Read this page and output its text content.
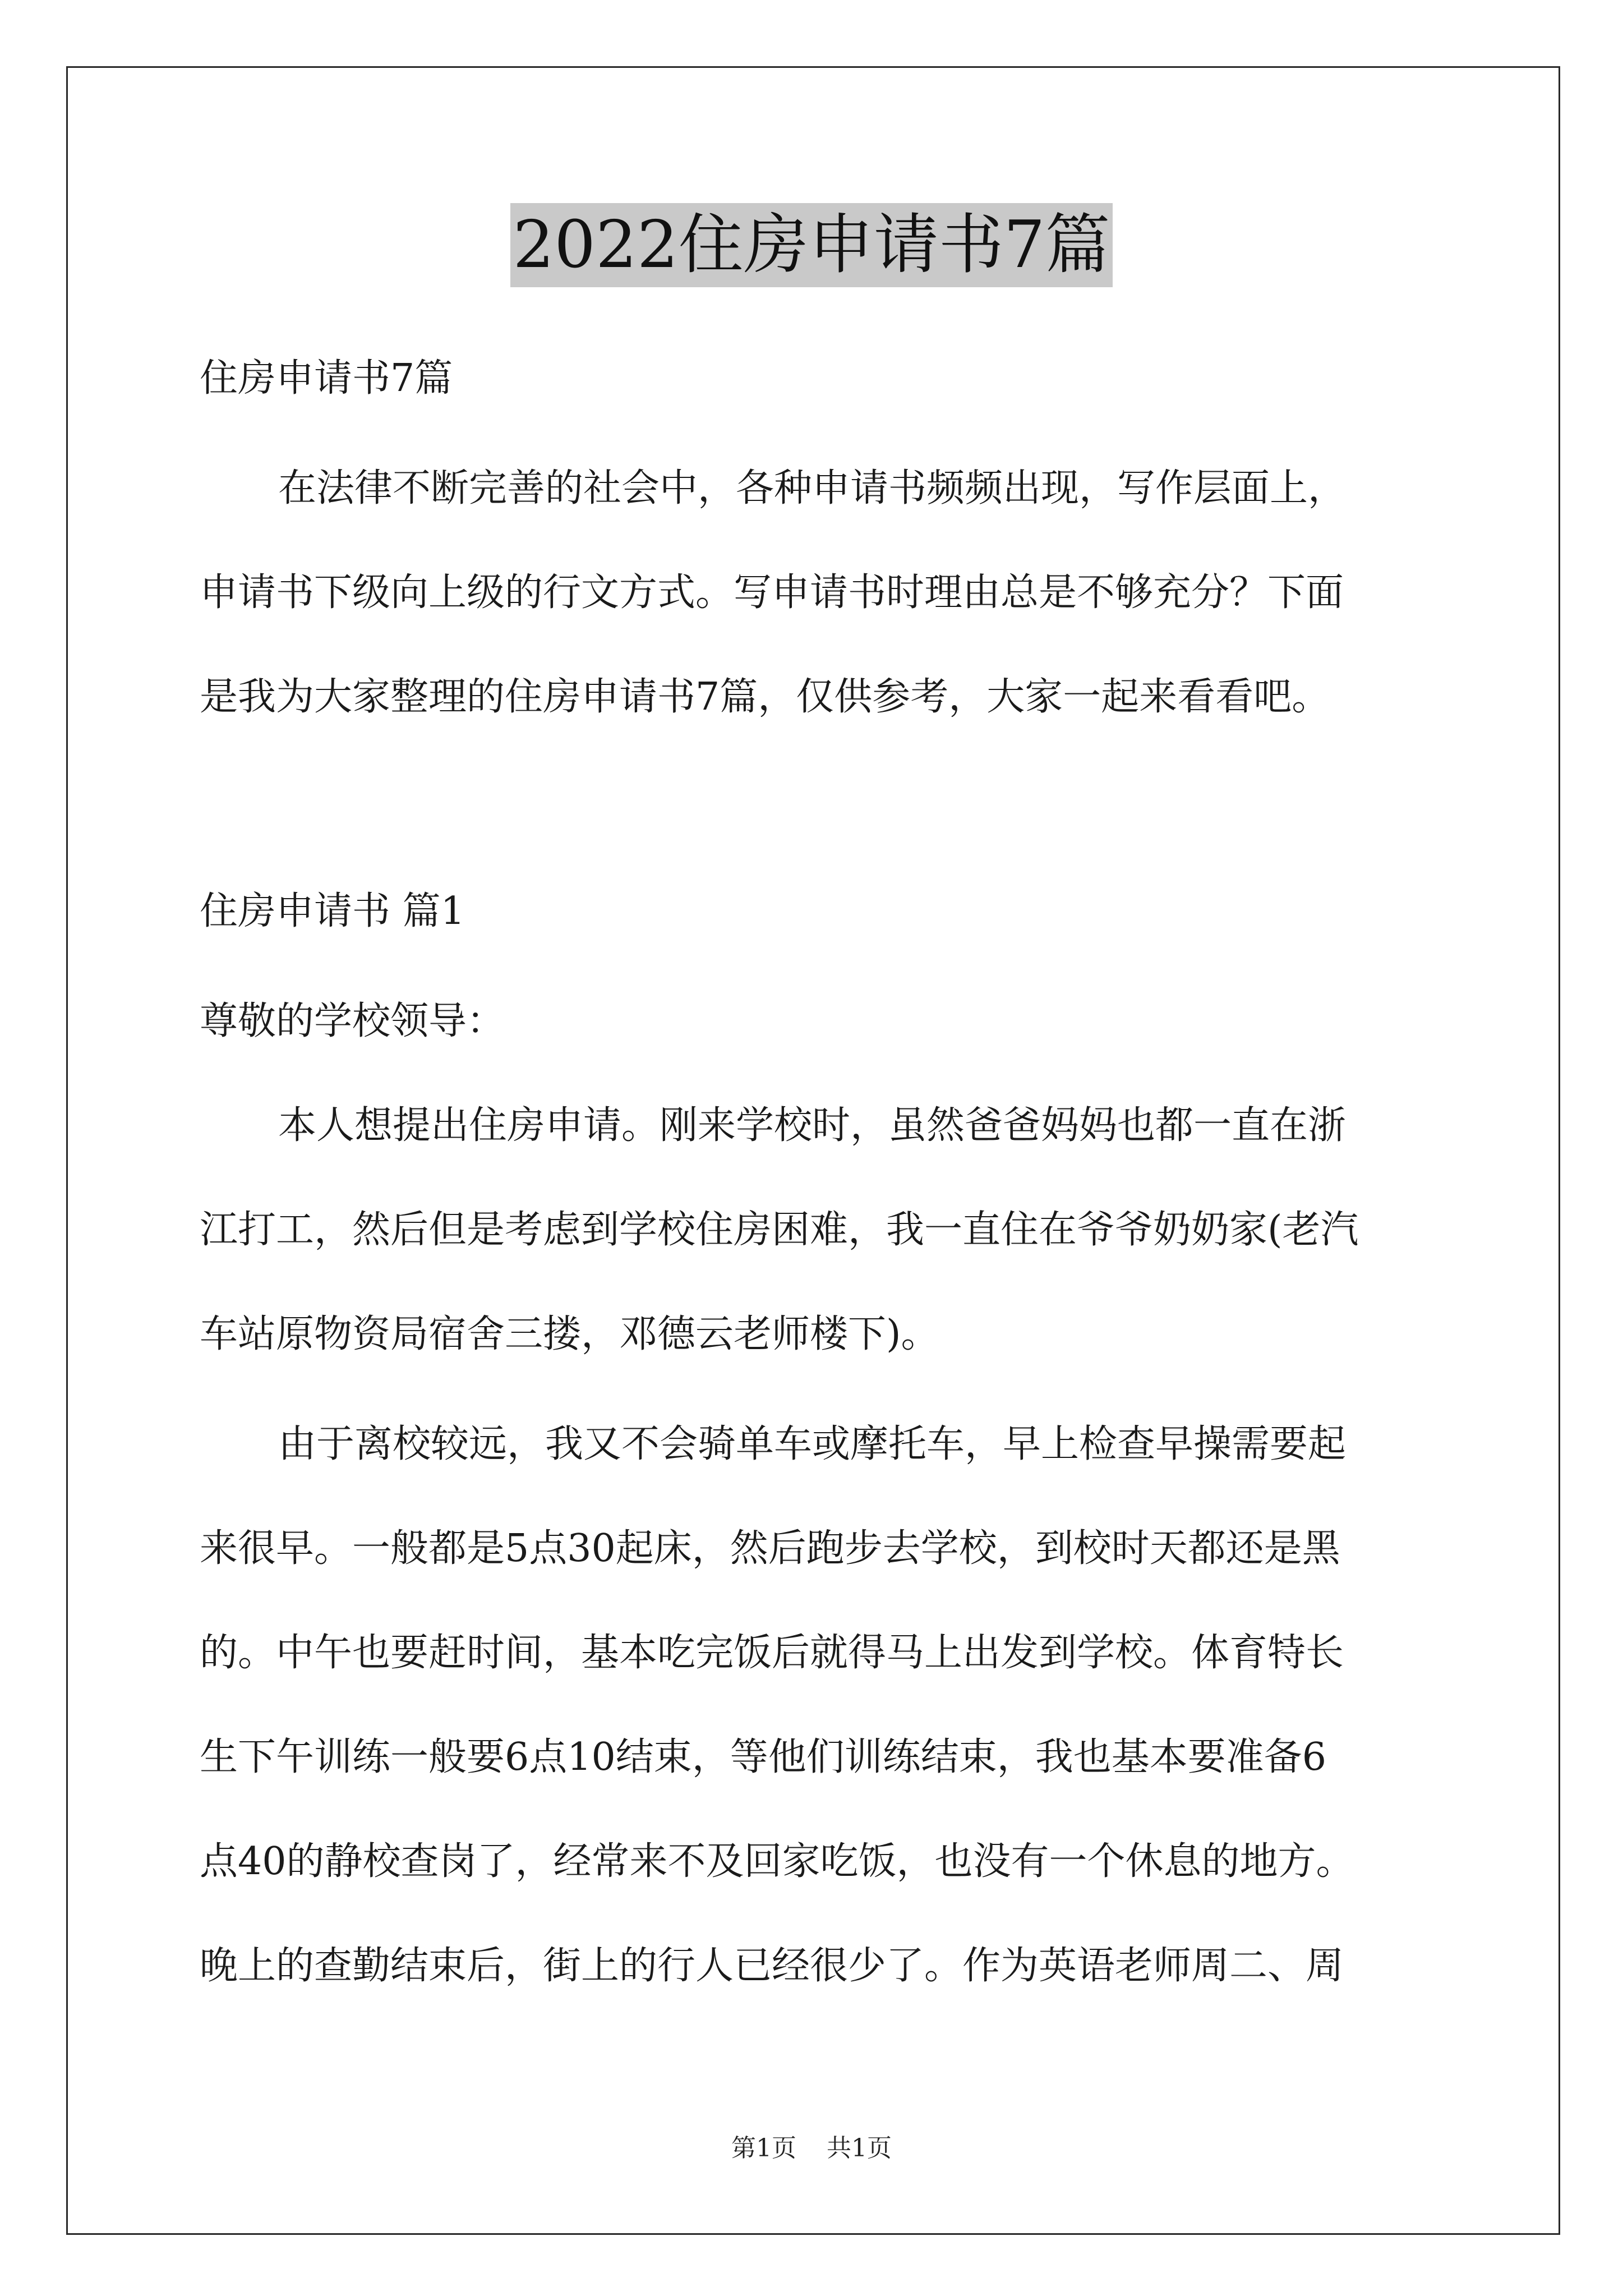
2022住房申请书7篇
住房申请书7篇
在法律不断完善的社会中，各种申请书频频出现，写作层面上，
申请书下级向上级的行文方式。写申请书时理由总是不够充分？下面
是我为大家整理的住房申请书7篇，仅供参考，大家一起来看看吧。
住房申请书 篇1
尊敬的学校领导：
本人想提出住房申请。刚来学校时，虽然爸爸妈妈也都一直在浙
江打工，然后但是考虑到学校住房困难，我一直住在爷爷奶奶家(老汽
车站原物资局宿舍三搂，邓德云老师楼下)。
由于离校较远，我又不会骑单车或摩托车，早上检查早操需要起
来很早。一般都是5点30起床，然后跑步去学校，到校时天都还是黑
的。中午也要赶时间，基本吃完饭后就得马上出发到学校。体育特长
生下午训练一般要6点10结束，等他们训练结束，我也基本要准备6
点40的静校查岗了，经常来不及回家吃饭，也没有一个休息的地方。
晚上的查勤结束后，街上的行人已经很少了。作为英语老师周二、周
第1页 共1页
